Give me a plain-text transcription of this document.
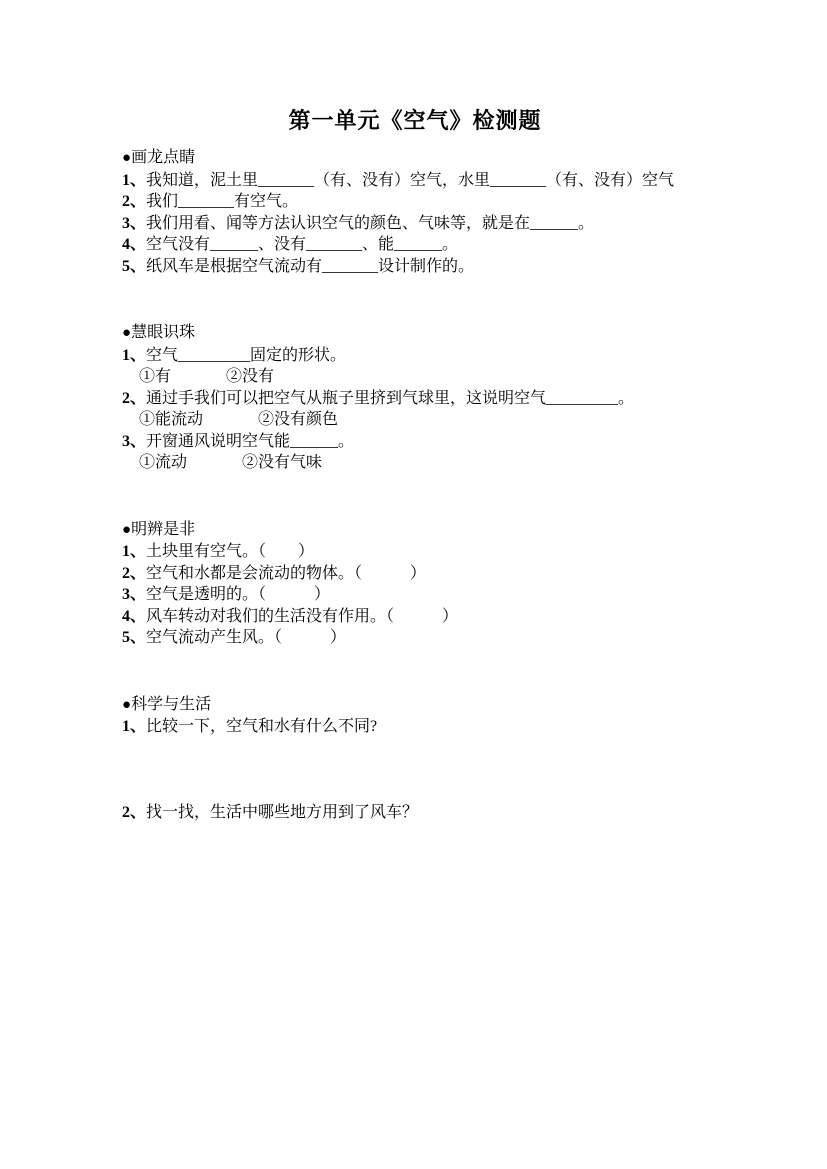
第一单元《空气》检测题
●画龙点睛
1、我知道，泥土里_______（有、没有）空气，水里_______（有、没有）空气
2、我们_______有空气。
3、我们用看、闻等方法认识空气的颜色、气味等，就是在______。
4、空气没有______、没有_______、能______。
5、纸风车是根据空气流动有_______设计制作的。
●慧眼识珠
1、空气_________固定的形状。
①有	②没有
2、通过手我们可以把空气从瓶子里挤到气球里，这说明空气_________。
①能流动	②没有颜色
3、开窗通风说明空气能______。
①流动	②没有气味
●明辨是非
1、土块里有空气。（　　）
2、空气和水都是会流动的物体。（　　　）
3、空气是透明的。（　　　）
4、风车转动对我们的生活没有作用。（　　　）
5、空气流动产生风。（　　　）
●科学与生活
1、比较一下，空气和水有什么不同?
2、找一找，生活中哪些地方用到了风车？
